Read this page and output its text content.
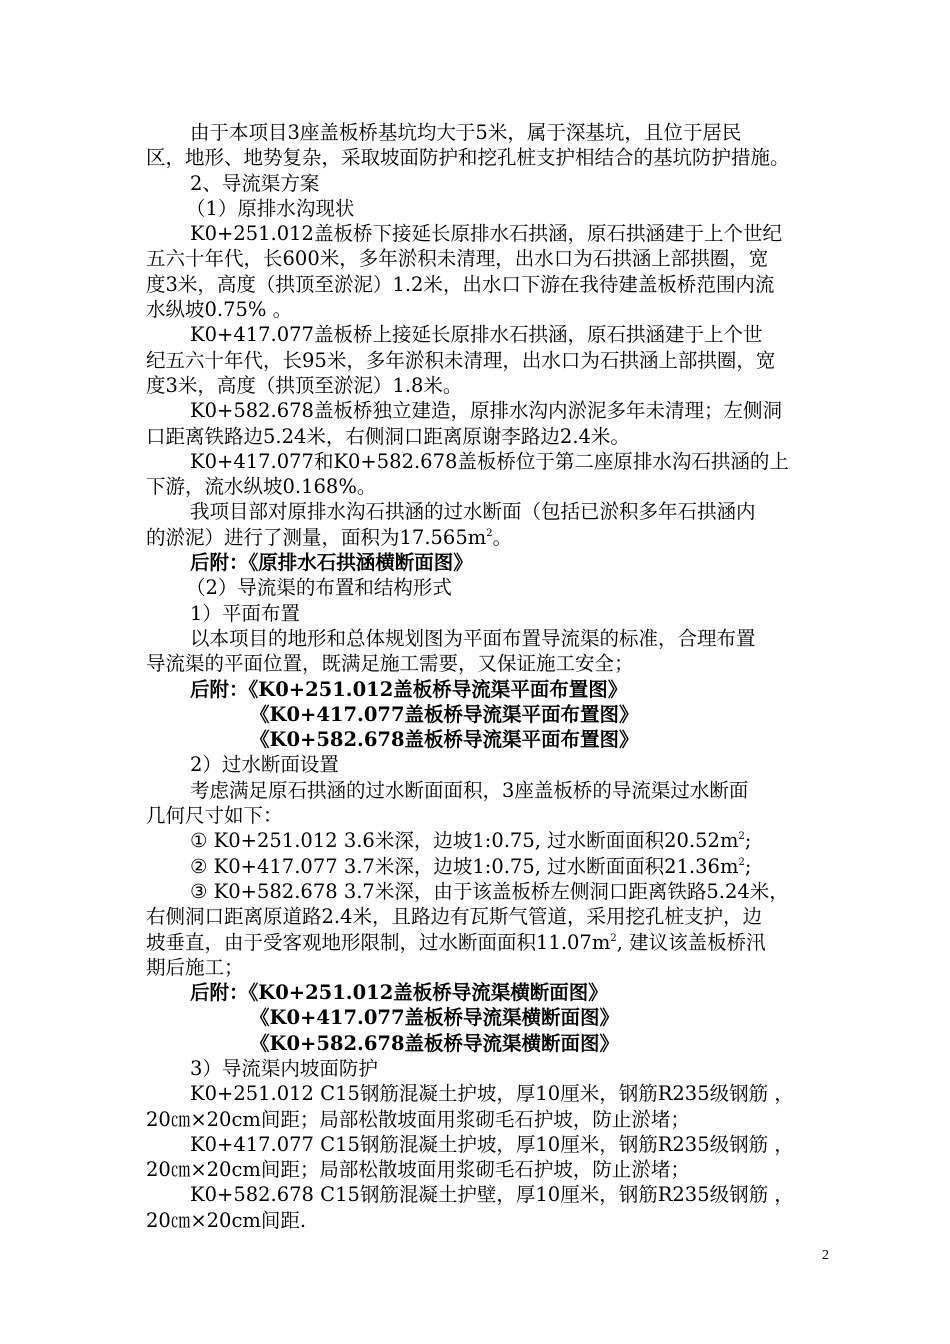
由于本项目3座盖板桥基坑均大于5米，属于深基坑，且位于居民
区，地形、地势复杂，采取坡面防护和挖孔桩支护相结合的基坑防护措施。
2、导流渠方案
（1）原排水沟现状
K0+251.012盖板桥下接延长原排水石拱涵，原石拱涵建于上个世纪
五六十年代，长600米，多年淤积未清理，出水口为石拱涵上部拱圈，宽
度3米，高度（拱顶至淤泥）1.2米，出水口下游在我待建盖板桥范围内流
水纵坡0.75% 。
K0+417.077盖板桥上接延长原排水石拱涵，原石拱涵建于上个世
纪五六十年代，长95米，多年淤积未清理，出水口为石拱涵上部拱圈，宽
度3米，高度（拱顶至淤泥）1.8米。
K0+582.678盖板桥独立建造，原排水沟内淤泥多年未清理；左侧洞
口距离铁路边5.24米，右侧洞口距离原谢李路边2.4米。
K0+417.077和K0+582.678盖板桥位于第二座原排水沟石拱涵的上
下游，流水纵坡0.168%。
我项目部对原排水沟石拱涵的过水断面（包括已淤积多年石拱涵内
的淤泥）进行了测量，面积为$17.565m^2$。
后附：《原排水石拱涵横断面图》
（2）导流渠的布置和结构形式
1）平面布置
以本项目的地形和总体规划图为平面布置导流渠的标准，合理布置
导流渠的平面位置，既满足施工需要，又保证施工安全；
后附：《K0+251.012盖板桥导流渠平面布置图》
《K0+417.077盖板桥导流渠平面布置图》
《K0+582.678盖板桥导流渠平面布置图》
2）过水断面设置
考虑满足原石拱涵的过水断面面积，3座盖板桥的导流渠过水断面
几何尺寸如下：
① K0+251.012 3.6米深，边坡1:0.75, 过水断面面积$20.52m^2$;
② K0+417.077 3.7米深，边坡1:0.75, 过水断面面积$21.36m^2$;
③ K0+582.678 3.7米深，由于该盖板桥左侧洞口距离铁路5.24米，
右侧洞口距离原道路2.4米，且路边有瓦斯气管道，采用挖孔桩支护，边
坡垂直，由于受客观地形限制，过水断面面积$11.07m^2$, 建议该盖板桥汛
期后施工；
后附：《K0+251.012盖板桥导流渠横断面图》
《K0+417.077盖板桥导流渠横断面图》
《K0+582.678盖板桥导流渠横断面图》
3）导流渠内坡面防护
K0+251.012 C15钢筋混凝土护坡，厚10厘米，钢筋R235级钢筋 ，
20㎝×20cm间距；局部松散坡面用浆砌毛石护坡，防止淤堵；
K0+417.077 C15钢筋混凝土护坡，厚10厘米，钢筋R235级钢筋 ，
20㎝×20cm间距；局部松散坡面用浆砌毛石护坡，防止淤堵；
K0+582.678 C15钢筋混凝土护壁，厚10厘米，钢筋R235级钢筋 ，
20㎝×20cm间距.
2
